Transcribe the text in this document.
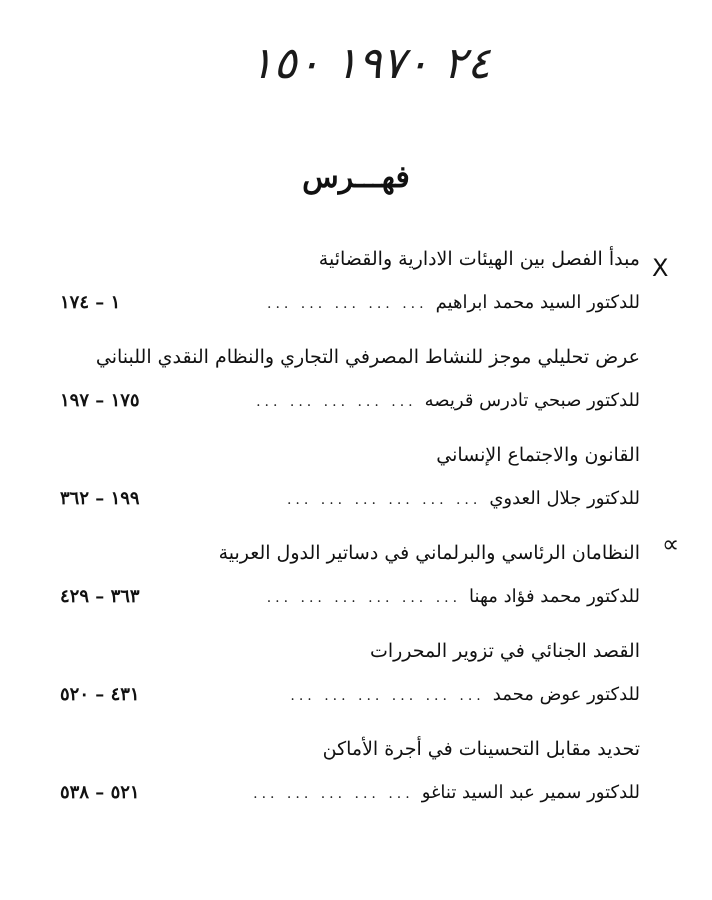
٢٤ ١٩٧٠ ١٥٠
فهـــرس
X
∝
مبدأ الفصل بين الهيئات الادارية والقضائية
للدكتور السيد محمد ابراهيم
... ... ... ... ...
١ – ١٧٤
عرض تحليلي موجز للنشاط المصرفي التجاري والنظام النقدي اللبناني
للدكتور صبحي تادرس قريصه
... ... ... ... ...
١٧٥ – ١٩٧
القانون والاجتماع الإنساني
للدكتور جلال العدوي
... ... ... ... ... ...
١٩٩ – ٣٦٢
النظامان الرئاسي والبرلماني في دساتير الدول العربية
للدكتور محمد فؤاد مهنا
... ... ... ... ... ...
٣٦٣ – ٤٢٩
القصد الجنائي في تزوير المحررات
للدكتور عوض محمد
... ... ... ... ... ...
٤٣١ – ٥٢٠
تحديد مقابل التحسينات في أجرة الأماكن
للدكتور سمير عبد السيد تناغو
... ... ... ... ...
٥٢١ – ٥٣٨
